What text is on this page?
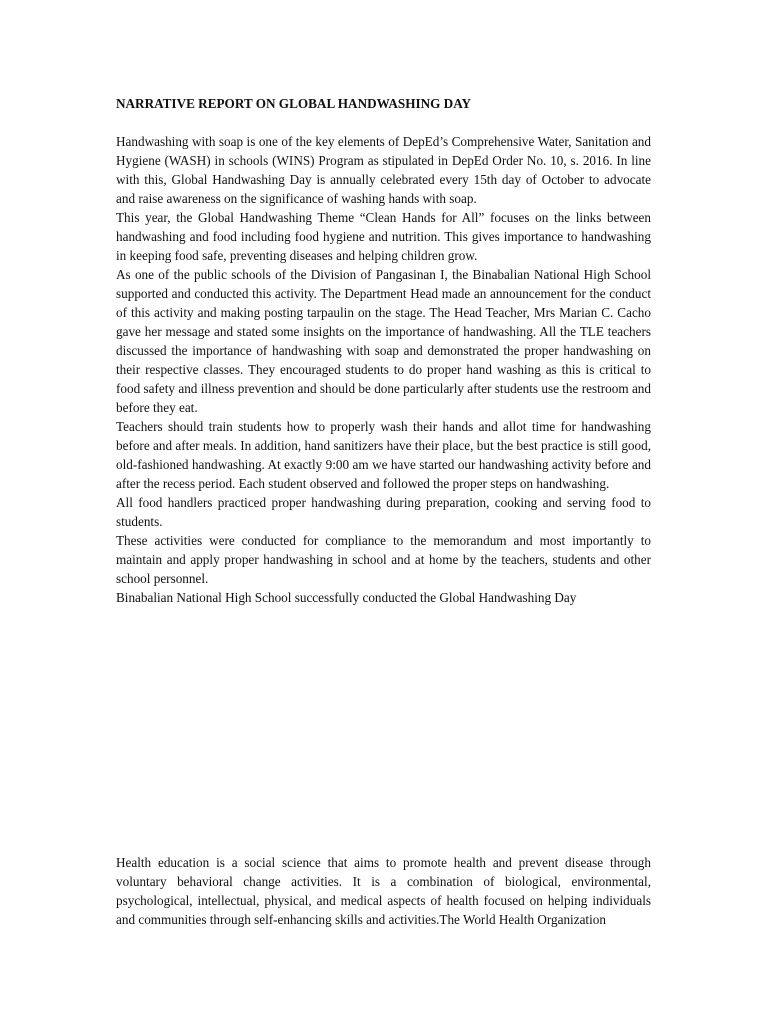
NARRATIVE REPORT ON GLOBAL HANDWASHING DAY

Handwashing with soap is one of the key elements of DepEd’s Comprehensive Water, Sanitation and Hygiene (WASH) in schools (WINS) Program as stipulated in DepEd Order No. 10, s. 2016. In line with this, Global Handwashing Day is annually celebrated every 15th day of October to advocate and raise awareness on the significance of washing hands with soap.

This year, the Global Handwashing Theme “Clean Hands for All” focuses on the links between handwashing and food including food hygiene and nutrition. This gives importance to handwashing in keeping food safe, preventing diseases and helping children grow.

As one of the public schools of the Division of Pangasinan I, the Binabalian National High School supported and conducted this activity. The Department Head made an announcement for the conduct of this activity and making posting tarpaulin on the stage. The Head Teacher, Mrs Marian C. Cacho gave her message and stated some insights on the importance of handwashing. All the TLE teachers discussed the importance of handwashing with soap and demonstrated the proper handwashing on their respective classes. They encouraged students to do proper hand washing as this is critical to food safety and illness prevention and should be done particularly after students use the restroom and before they eat.

Teachers should train students how to properly wash their hands and allot time for handwashing before and after meals. In addition, hand sanitizers have their place, but the best practice is still good, old-fashioned handwashing. At exactly 9:00 am we have started our handwashing activity before and after the recess period. Each student observed and followed the proper steps on handwashing.

All food handlers practiced proper handwashing during preparation, cooking and serving food to students.

These activities were conducted for compliance to the memorandum and most importantly to maintain and apply proper handwashing in school and at home by the teachers, students and other school personnel.

Binabalian National High School successfully conducted the Global Handwashing Day

Health education is a social science that aims to promote health and prevent disease through voluntary behavioral change activities. It is a combination of biological, environmental, psychological, intellectual, physical, and medical aspects of health focused on helping individuals and communities through self-enhancing skills and activities.The World Health Organization
